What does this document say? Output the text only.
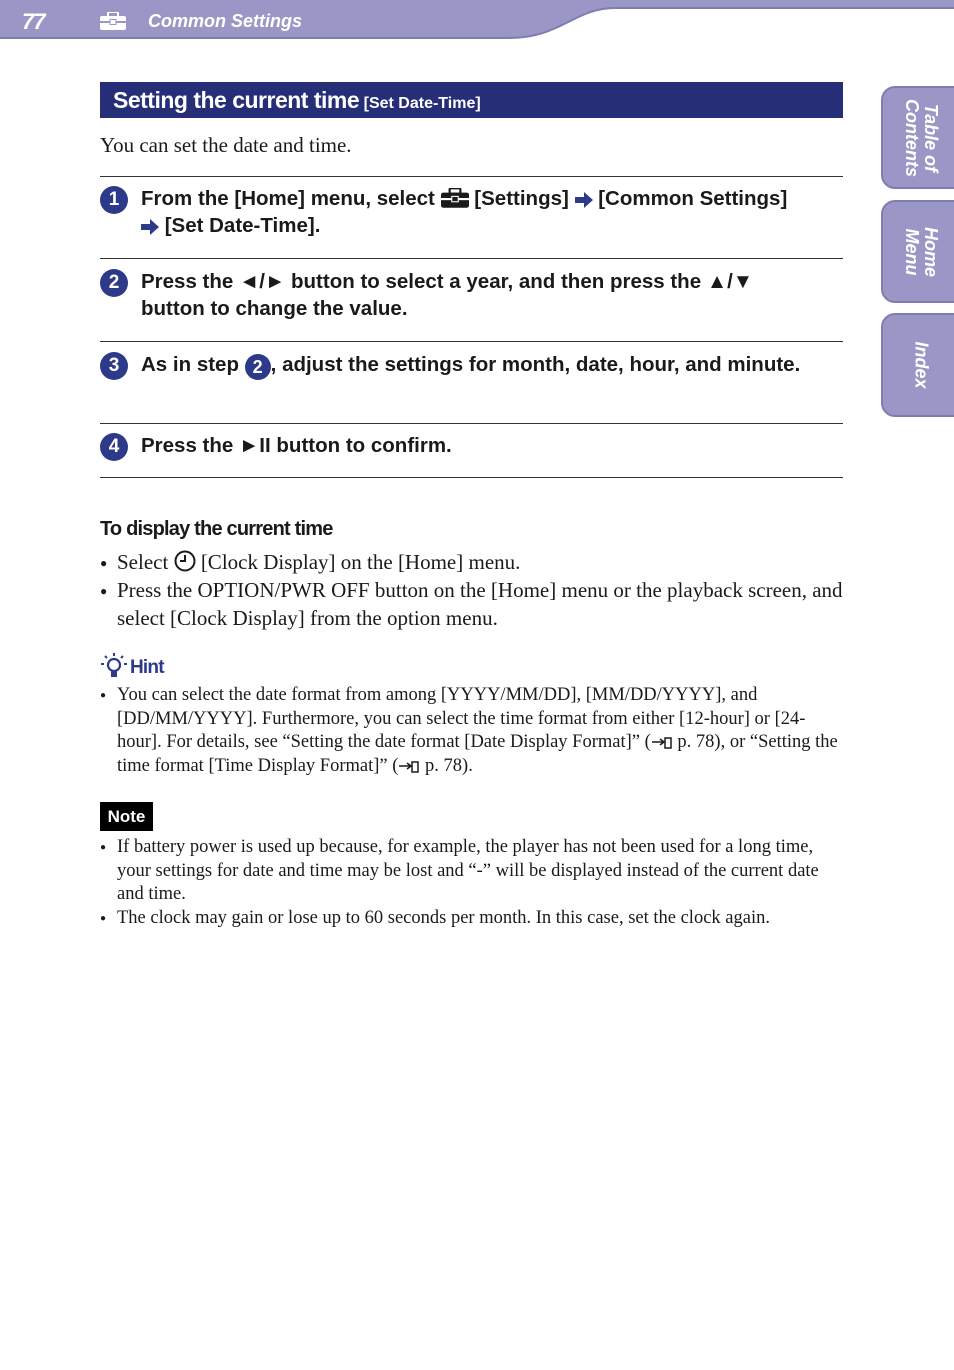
77	Common Settings
Table of
Contents
Home
Menu
Index
Setting the current time [Set Date-Time]
You can set the date and time.
1	From the [Home] menu, select [Settings] [Common Settings]
[Set Date-Time].
2	Press the ◄/► button to select a year, and then press the ▲/▼
button to change the value.
3	As in step 2 , adjust the settings for month, date, hour, and minute.
4	Press the ►II button to confirm.
To display the current time
● Select [Clock Display] on the [Home] menu.
● Press the OPTION/PWR OFF button on the [Home] menu or the playback screen, and select [Clock Display] from the option menu.
Hint
● You can select the date format from among [YYYY/MM/DD], [MM/DD/YYYY], and [DD/MM/YYYY]. Furthermore, you can select the time format from either [12-hour] or [24-hour]. For details, see “Setting the date format [Date Display Format]” ( p. 78), or “Setting the time format [Time Display Format]” ( p. 78).
Note
● If battery power is used up because, for example, the player has not been used for a long time, your settings for date and time may be lost and “-” will be displayed instead of the current date and time.
● The clock may gain or lose up to 60 seconds per month. In this case, set the clock again.
